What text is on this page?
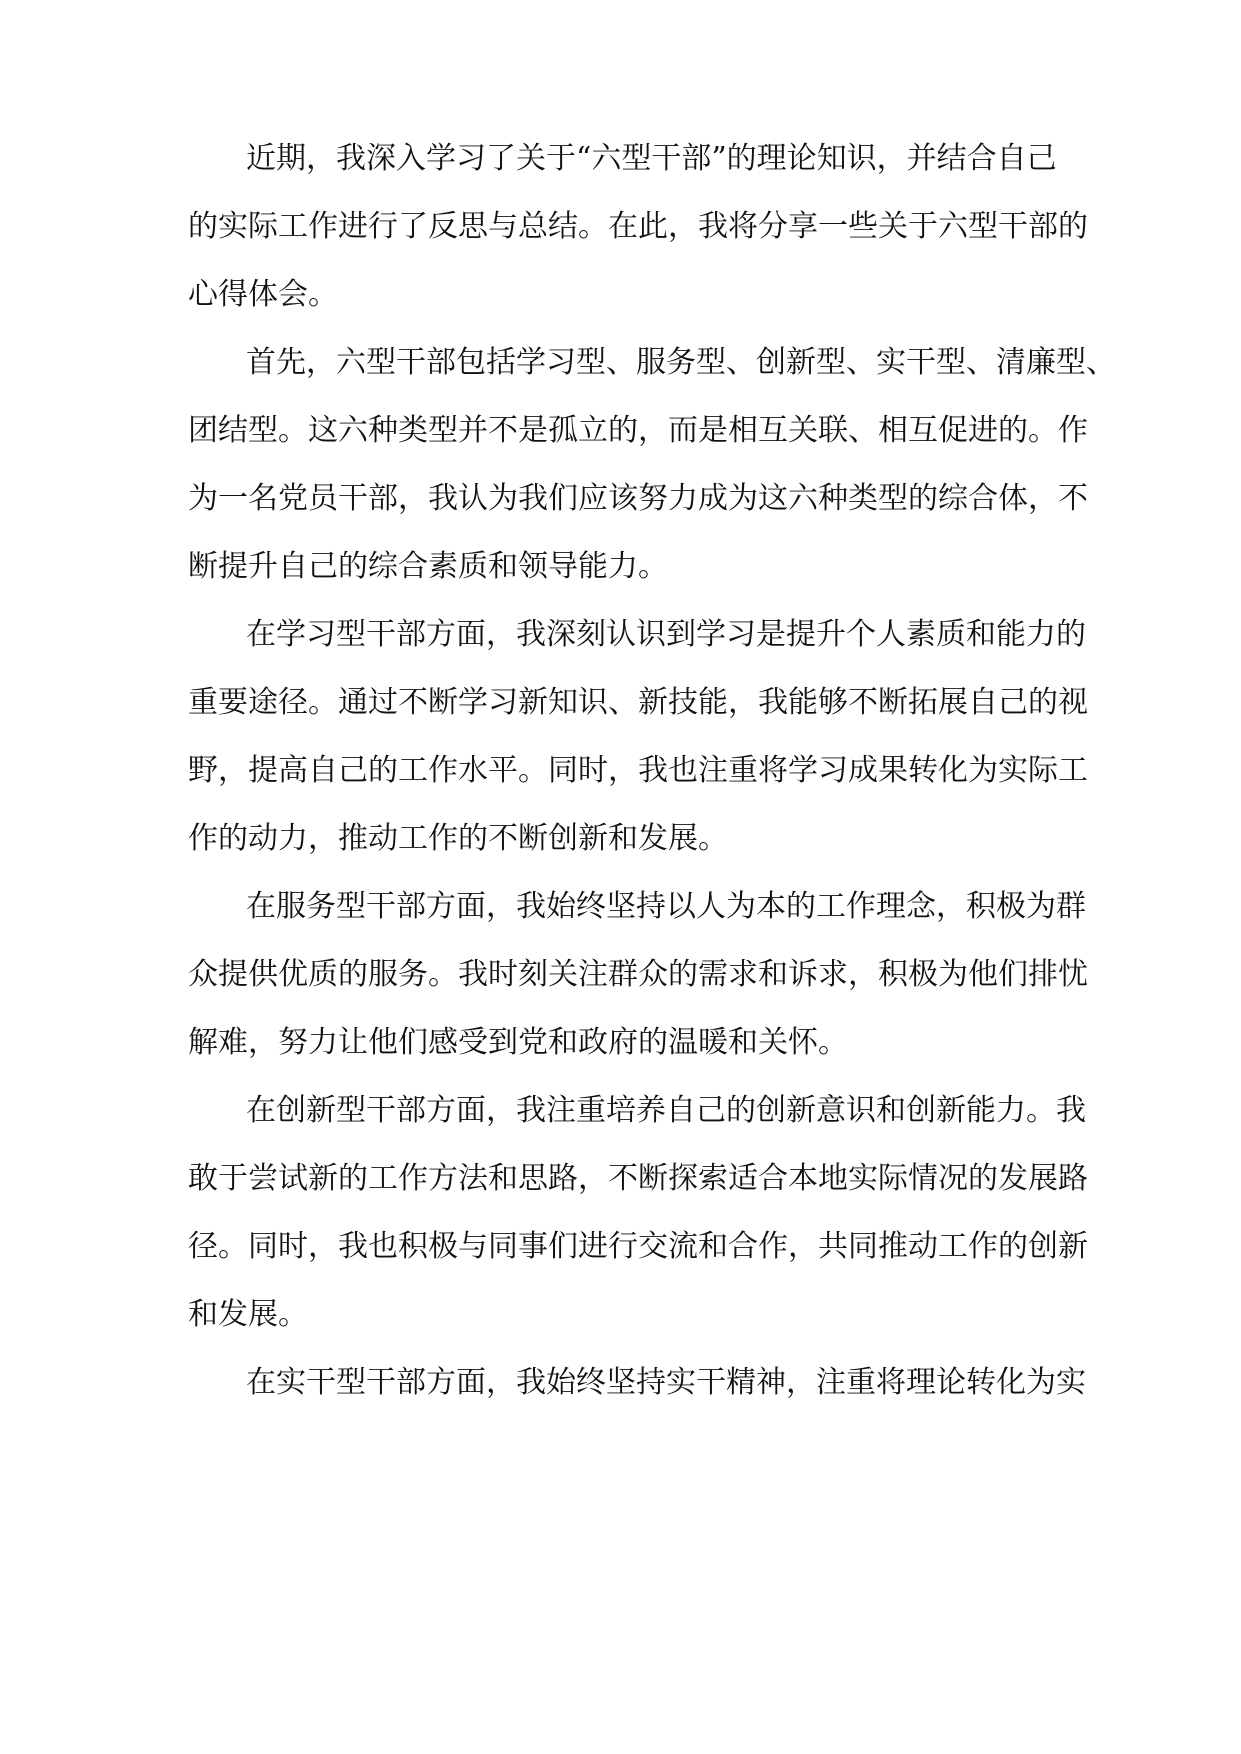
近期，我深入学习了关于“六型干部”的理论知识，并结合自己
的实际工作进行了反思与总结。在此，我将分享一些关于六型干部的
心得体会。
首先，六型干部包括学习型、服务型、创新型、实干型、清廉型、
团结型。这六种类型并不是孤立的，而是相互关联、相互促进的。作
为一名党员干部，我认为我们应该努力成为这六种类型的综合体，不
断提升自己的综合素质和领导能力。
在学习型干部方面，我深刻认识到学习是提升个人素质和能力的
重要途径。通过不断学习新知识、新技能，我能够不断拓展自己的视
野，提高自己的工作水平。同时，我也注重将学习成果转化为实际工
作的动力，推动工作的不断创新和发展。
在服务型干部方面，我始终坚持以人为本的工作理念，积极为群
众提供优质的服务。我时刻关注群众的需求和诉求，积极为他们排忧
解难，努力让他们感受到党和政府的温暖和关怀。
在创新型干部方面，我注重培养自己的创新意识和创新能力。我
敢于尝试新的工作方法和思路，不断探索适合本地实际情况的发展路
径。同时，我也积极与同事们进行交流和合作，共同推动工作的创新
和发展。
在实干型干部方面，我始终坚持实干精神，注重将理论转化为实
